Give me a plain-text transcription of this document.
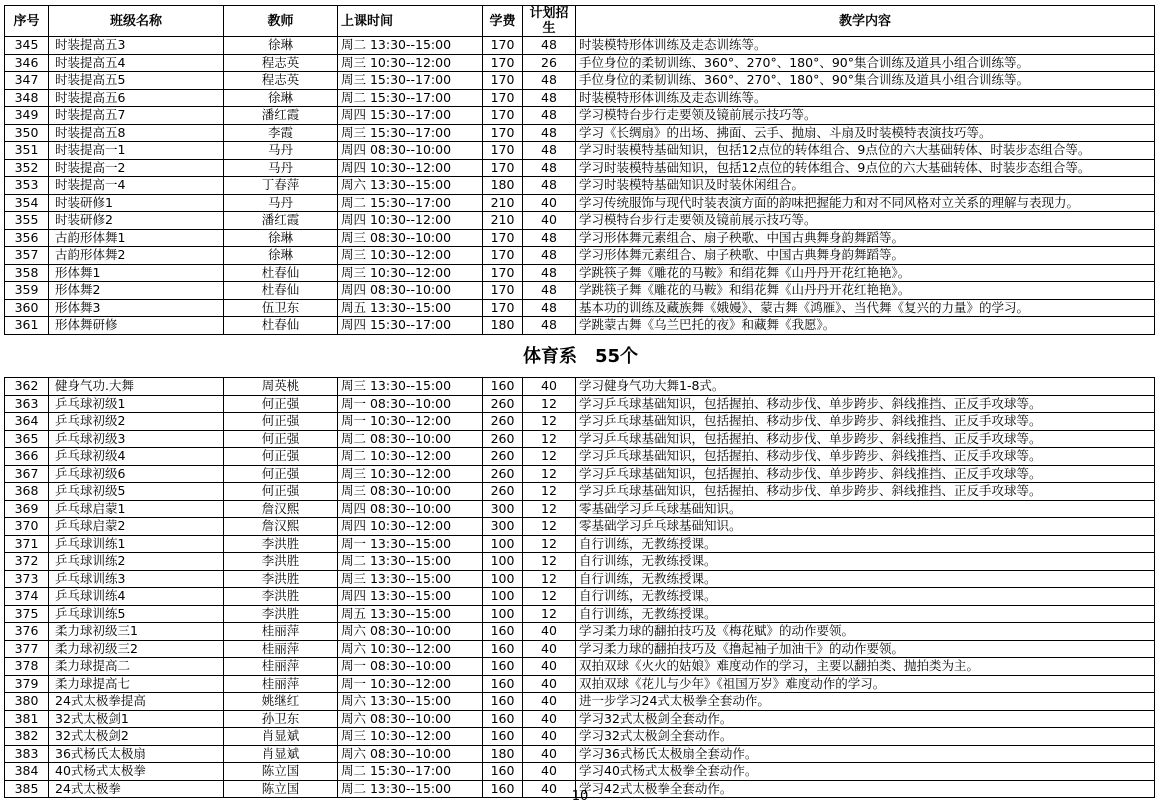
序号	班级名称	教师	上课时间	学费	计划招生	教学内容
345	时装提高五3	徐琳	周二 13:30--15:00	170	48	时装模特形体训练及走态训练等。
346	时装提高五4	程志英	周三 10:30--12:00	170	26	手位身位的柔韧训练、360°、270°、180°、90°集合训练及道具小组合训练等。
347	时装提高五5	程志英	周三 15:30--17:00	170	48	手位身位的柔韧训练、360°、270°、180°、90°集合训练及道具小组合训练等。
348	时装提高五6	徐琳	周二 15:30--17:00	170	48	时装模特形体训练及走态训练等。
349	时装提高五7	潘红霞	周四 15:30--17:00	170	48	学习模特台步行走要领及镜前展示技巧等。
350	时装提高五8	李霞	周三 15:30--17:00	170	48	学习《长绸扇》的出场、拂面、云手、抛扇、斗扇及时装模特表演技巧等。
351	时装提高一1	马丹	周四 08:30--10:00	170	48	学习时装模特基础知识，包括12点位的转体组合、9点位的六大基础转体、时装步态组合等。
352	时装提高一2	马丹	周四 10:30--12:00	170	48	学习时装模特基础知识，包括12点位的转体组合、9点位的六大基础转体、时装步态组合等。
353	时装提高一4	丁春萍	周六 13:30--15:00	180	48	学习时装模特基础知识及时装休闲组合。
354	时装研修1	马丹	周二 15:30--17:00	210	40	学习传统服饰与现代时装表演方面的韵味把握能力和对不同风格对立关系的理解与表现力。
355	时装研修2	潘红霞	周四 10:30--12:00	210	40	学习模特台步行走要领及镜前展示技巧等。
356	古韵形体舞1	徐琳	周三 08:30--10:00	170	48	学习形体舞元素组合、扇子秧歌、中国古典舞身韵舞蹈等。
357	古韵形体舞2	徐琳	周三 10:30--12:00	170	48	学习形体舞元素组合、扇子秧歌、中国古典舞身韵舞蹈等。
358	形体舞1	杜春仙	周三 10:30--12:00	170	48	学跳筷子舞《雕花的马鞍》和绢花舞《山丹丹开花红艳艳》。
359	形体舞2	杜春仙	周四 08:30--10:00	170	48	学跳筷子舞《雕花的马鞍》和绢花舞《山丹丹开花红艳艳》。
360	形体舞3	伍卫东	周五 13:30--15:00	170	48	基本功的训练及藏族舞《娥嫚》、蒙古舞《鸿雁》、当代舞《复兴的力量》的学习。
361	形体舞研修	杜春仙	周四 15:30--17:00	180	48	学跳蒙古舞《乌兰巴托的夜》和藏舞《我愿》。
体育系　55个
362	健身气功.大舞	周英桃	周三 13:30--15:00	160	40	学习健身气功大舞1-8式。
363	乒乓球初级1	何正强	周一 08:30--10:00	260	12	学习乒乓球基础知识，包括握拍、移动步伐、单步跨步、斜线推挡、正反手攻球等。
364	乒乓球初级2	何正强	周一 10:30--12:00	260	12	学习乒乓球基础知识，包括握拍、移动步伐、单步跨步、斜线推挡、正反手攻球等。
365	乒乓球初级3	何正强	周二 08:30--10:00	260	12	学习乒乓球基础知识，包括握拍、移动步伐、单步跨步、斜线推挡、正反手攻球等。
366	乒乓球初级4	何正强	周二 10:30--12:00	260	12	学习乒乓球基础知识，包括握拍、移动步伐、单步跨步、斜线推挡、正反手攻球等。
367	乒乓球初级6	何正强	周三 10:30--12:00	260	12	学习乒乓球基础知识，包括握拍、移动步伐、单步跨步、斜线推挡、正反手攻球等。
368	乒乓球初级5	何正强	周三 08:30--10:00	260	12	学习乒乓球基础知识，包括握拍、移动步伐、单步跨步、斜线推挡、正反手攻球等。
369	乒乓球启蒙1	詹汉熙	周四 08:30--10:00	300	12	零基础学习乒乓球基础知识。
370	乒乓球启蒙2	詹汉熙	周四 10:30--12:00	300	12	零基础学习乒乓球基础知识。
371	乒乓球训练1	李洪胜	周一 13:30--15:00	100	12	自行训练，无教练授课。
372	乒乓球训练2	李洪胜	周二 13:30--15:00	100	12	自行训练，无教练授课。
373	乒乓球训练3	李洪胜	周三 13:30--15:00	100	12	自行训练，无教练授课。
374	乒乓球训练4	李洪胜	周四 13:30--15:00	100	12	自行训练，无教练授课。
375	乒乓球训练5	李洪胜	周五 13:30--15:00	100	12	自行训练，无教练授课。
376	柔力球初级三1	桂丽萍	周六 08:30--10:00	160	40	学习柔力球的翻拍技巧及《梅花赋》的动作要领。
377	柔力球初级三2	桂丽萍	周六 10:30--12:00	160	40	学习柔力球的翻拍技巧及《撸起袖子加油干》的动作要领。
378	柔力球提高二	桂丽萍	周一 08:30--10:00	160	40	双拍双球《火火的姑娘》难度动作的学习，主要以翻拍类、抛拍类为主。
379	柔力球提高七	桂丽萍	周一 10:30--12:00	160	40	双拍双球《花儿与少年》《祖国万岁》难度动作的学习。
380	24式太极拳提高	姚继红	周六 13:30--15:00	160	40	进一步学习24式太极拳全套动作。
381	32式太极剑1	孙卫东	周六 08:30--10:00	160	40	学习32式太极剑全套动作。
382	32式太极剑2	肖显斌	周三 10:30--12:00	160	40	学习32式太极剑全套动作。
383	36式杨氏太极扇	肖显斌	周六 08:30--10:00	180	40	学习36式杨氏太极扇全套动作。
384	40式杨式太极拳	陈立国	周二 15:30--17:00	160	40	学习40式杨式太极拳全套动作。
385	24式太极拳	陈立国	周二 13:30--15:00	160	40	学习42式太极拳全套动作。
10
